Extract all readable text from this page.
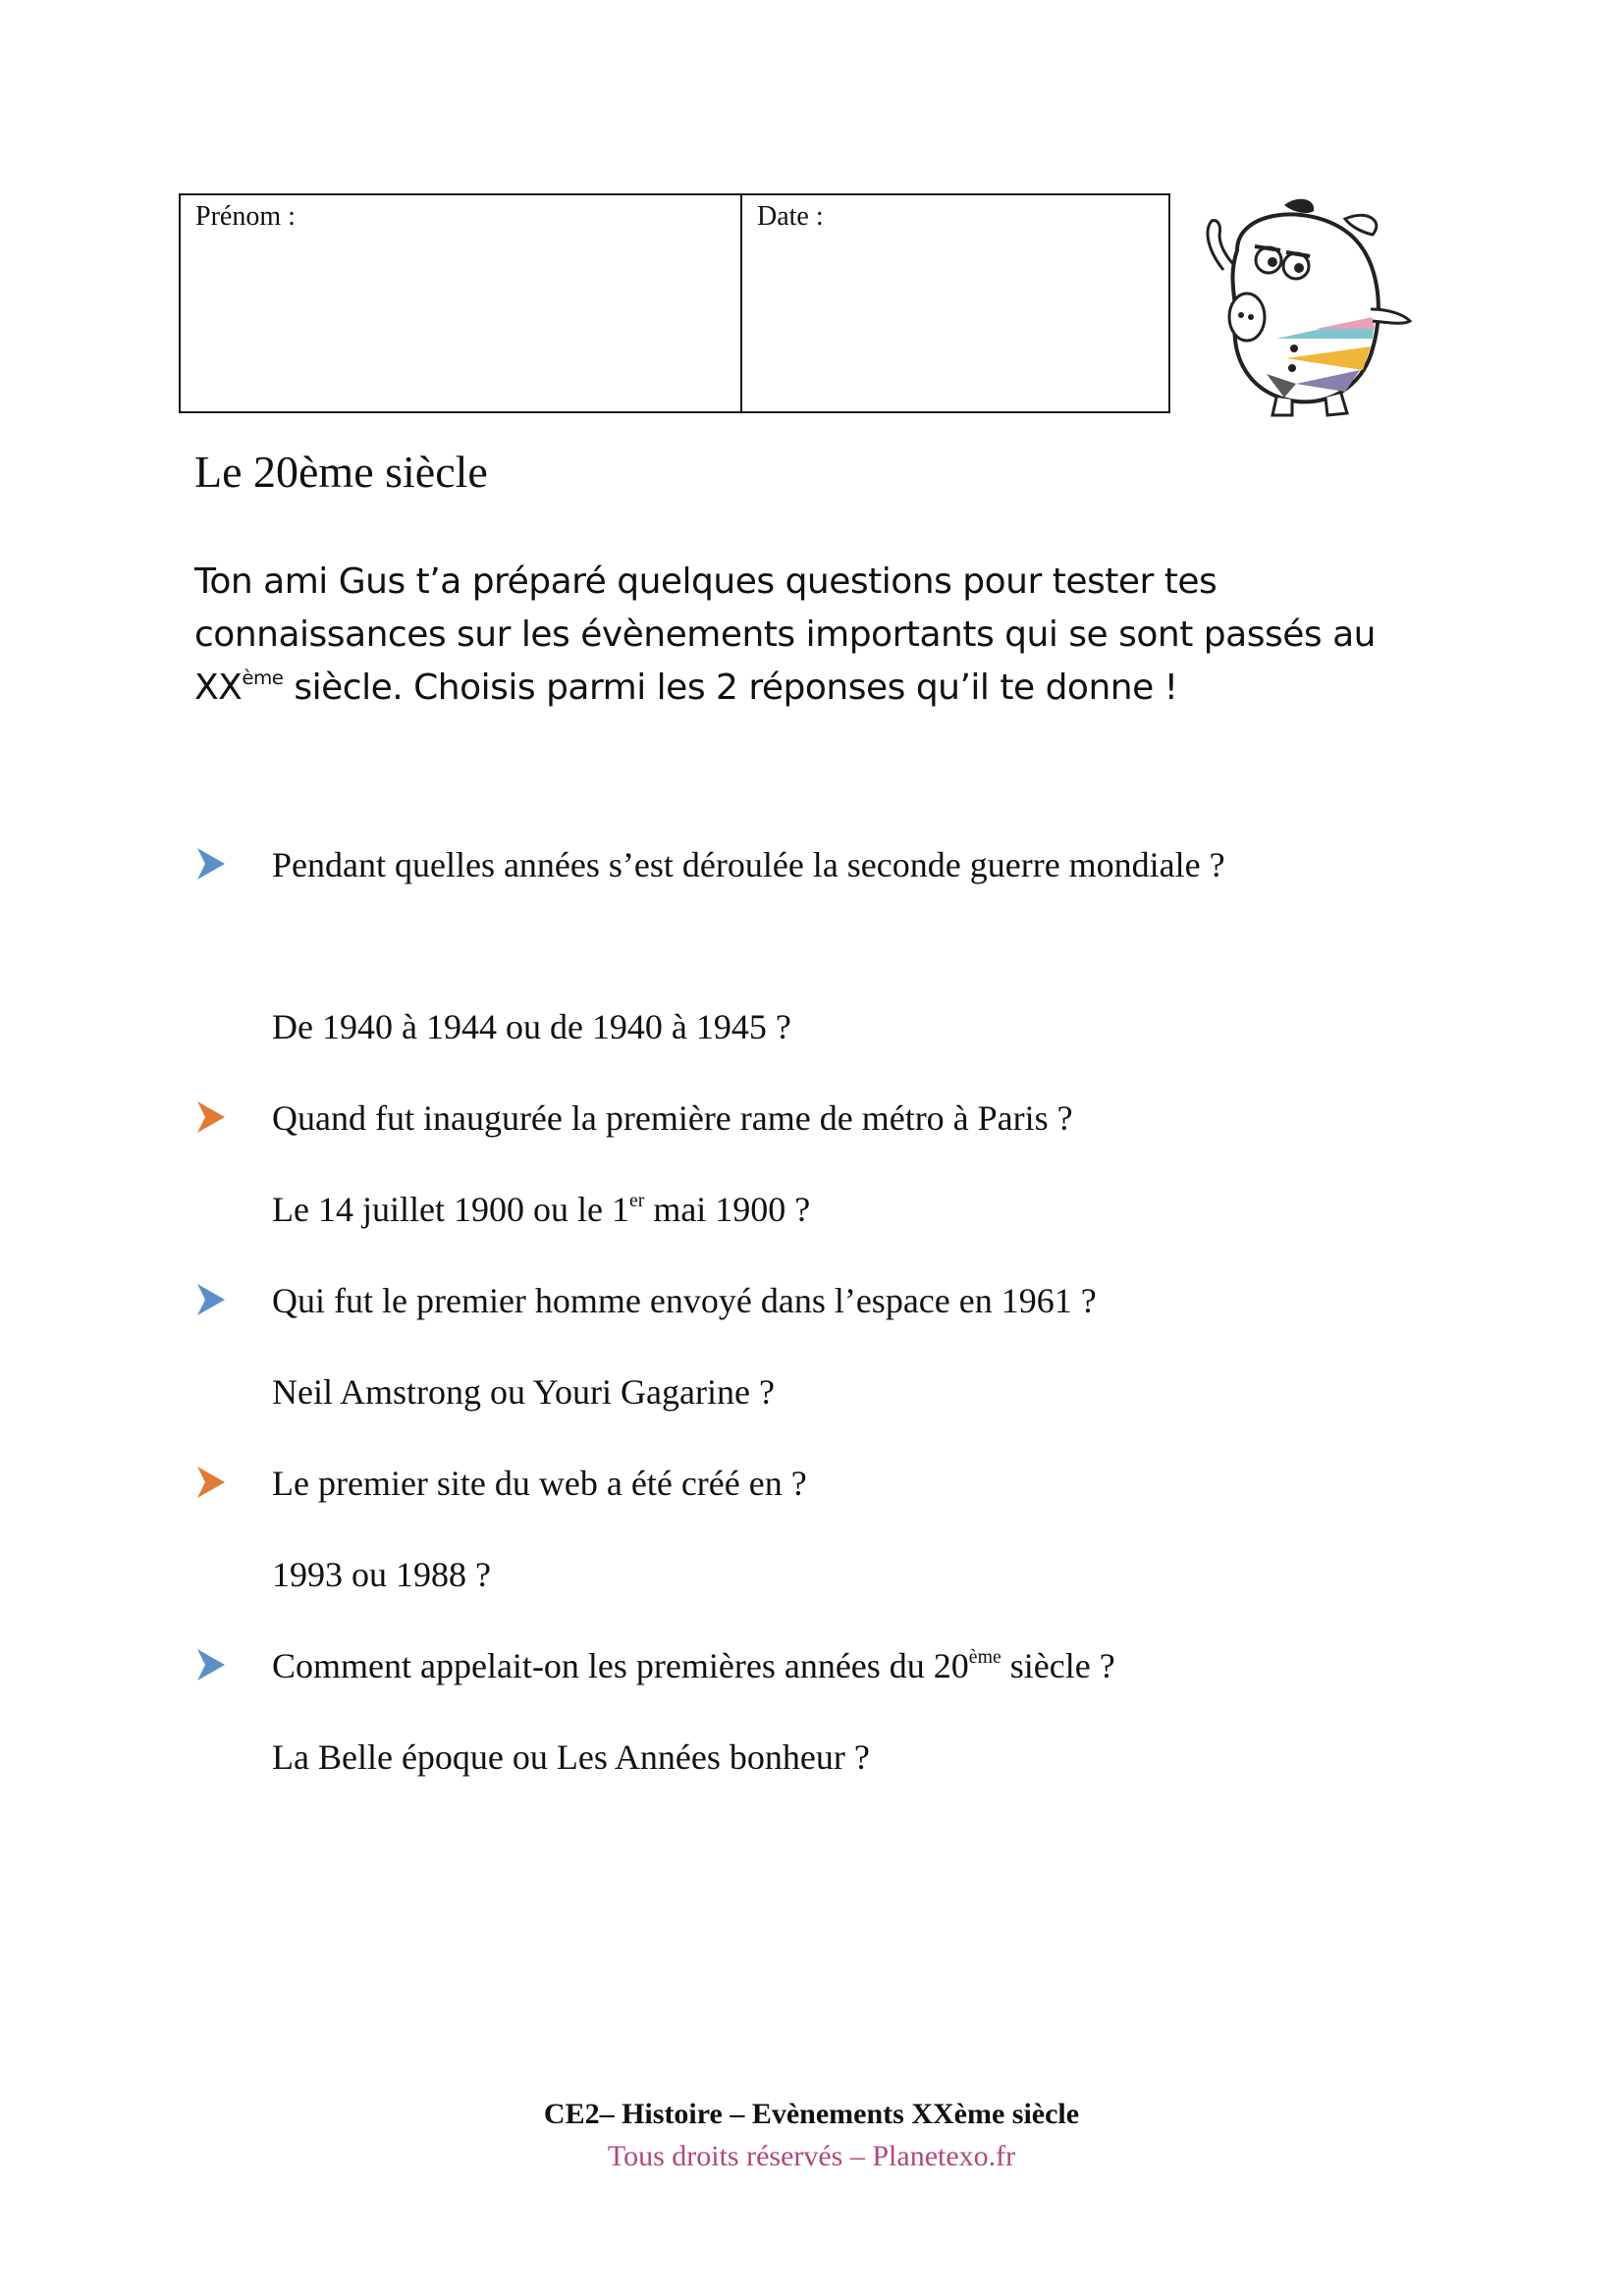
Prénom :	Date :
Le 20ème siècle

Ton ami Gus t’a préparé quelques questions pour tester tes connaissances sur les évènements importants qui se sont passés au XXème siècle. Choisis parmi les 2 réponses qu’il te donne !

Pendant quelles années s’est déroulée la seconde guerre mondiale ?
De 1940 à 1944 ou de 1940 à 1945 ?
Quand fut inaugurée la première rame de métro à Paris ?
Le 14 juillet 1900 ou le 1er mai 1900 ?
Qui fut le premier homme envoyé dans l’espace en 1961 ?
Neil Amstrong ou Youri Gagarine ?
Le premier site du web a été créé en ?
1993 ou 1988 ?
Comment appelait-on les premières années du 20ème siècle ?
La Belle époque ou Les Années bonheur ?
CE2– Histoire – Evènements XXème siècle
Tous droits réservés – Planetexo.fr
